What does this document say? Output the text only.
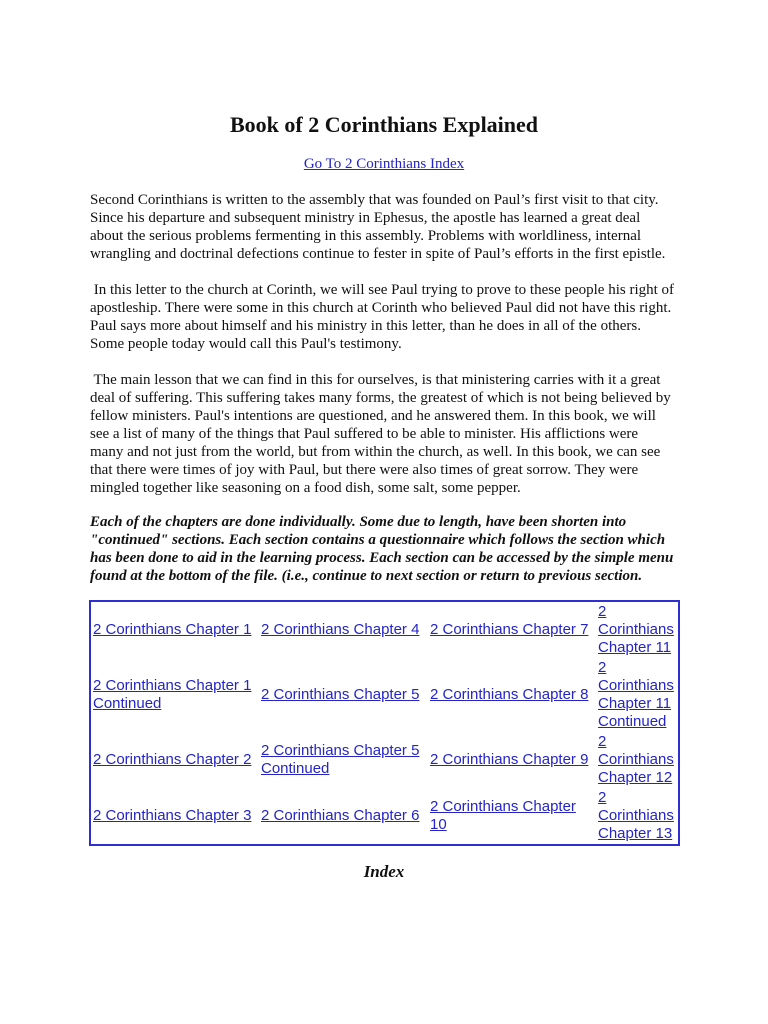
Book of 2 Corinthians Explained
Go To 2 Corinthians Index
Second Corinthians is written to the assembly that was founded on Paul’s first visit to that city.
Since his departure and subsequent ministry in Ephesus, the apostle has learned a great deal
about the serious problems fermenting in this assembly. Problems with worldliness, internal
wrangling and doctrinal defections continue to fester in spite of Paul’s efforts in the first epistle.
In this letter to the church at Corinth, we will see Paul trying to prove to these people his right of
apostleship. There were some in this church at Corinth who believed Paul did not have this right.
Paul says more about himself and his ministry in this letter, than he does in all of the others.
Some people today would call this Paul's testimony.
The main lesson that we can find in this for ourselves, is that ministering carries with it a great
deal of suffering. This suffering takes many forms, the greatest of which is not being believed by
fellow ministers. Paul's intentions are questioned, and he answered them. In this book, we will
see a list of many of the things that Paul suffered to be able to minister. His afflictions were
many and not just from the world, but from within the church, as well. In this book, we can see
that there were times of joy with Paul, but there were also times of great sorrow. They were
mingled together like seasoning on a food dish, some salt, some pepper.
Each of the chapters are done individually. Some due to length, have been shorten into
"continued" sections. Each section contains a questionnaire which follows the section which
has been done to aid in the learning process. Each section can be accessed by the simple menu
found at the bottom of the file. (i.e., continue to next section or return to previous section.
2 Corinthians Chapter 1 2 Corinthians Chapter 4 2 Corinthians Chapter 7
2 Corinthians Chapter 11
2 Corinthians Chapter 1 Continued
2 Corinthians Chapter 5 2 Corinthians Chapter 8
2 Corinthians Chapter 11 Continued
2 Corinthians Chapter 2
2 Corinthians Chapter 5 Continued
2 Corinthians Chapter 9
2 Corinthians Chapter 12
2 Corinthians Chapter 3 2 Corinthians Chapter 6
2 Corinthians Chapter 10
2 Corinthians Chapter 13
Index
